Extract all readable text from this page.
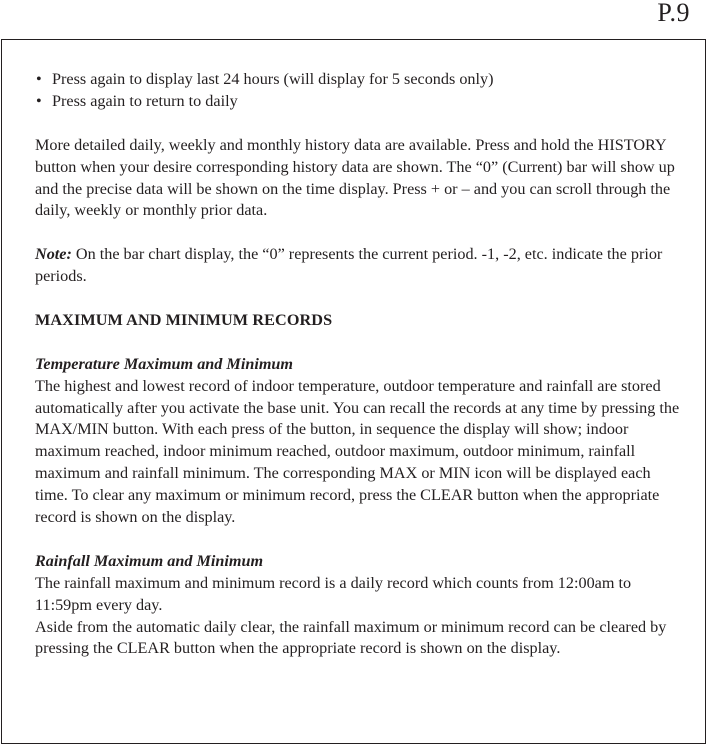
P.9
• Press again to display last 24 hours (will display for 5 seconds only)
• Press again to return to daily

More detailed daily, weekly and monthly history data are available. Press and hold the HISTORY button when your desire corresponding history data are shown. The “0” (Current) bar will show up and the precise data will be shown on the time display. Press + or – and you can scroll through the daily, weekly or monthly prior data.

Note: On the bar chart display, the “0” represents the current period. -1, -2, etc. indicate the prior periods.

MAXIMUM AND MINIMUM RECORDS

Temperature Maximum and Minimum

The highest and lowest record of indoor temperature, outdoor temperature and rainfall are stored automatically after you activate the base unit. You can recall the records at any time by pressing the MAX/MIN button. With each press of the button, in sequence the display will show; indoor maximum reached, indoor minimum reached, outdoor maximum, outdoor minimum, rainfall maximum and rainfall minimum. The corresponding MAX or MIN icon will be displayed each time. To clear any maximum or minimum record, press the CLEAR button when the appropriate record is shown on the display.

Rainfall Maximum and Minimum

The rainfall maximum and minimum record is a daily record which counts from 12:00am to 11:59pm every day.

Aside from the automatic daily clear, the rainfall maximum or minimum record can be cleared by pressing the CLEAR button when the appropriate record is shown on the display.
